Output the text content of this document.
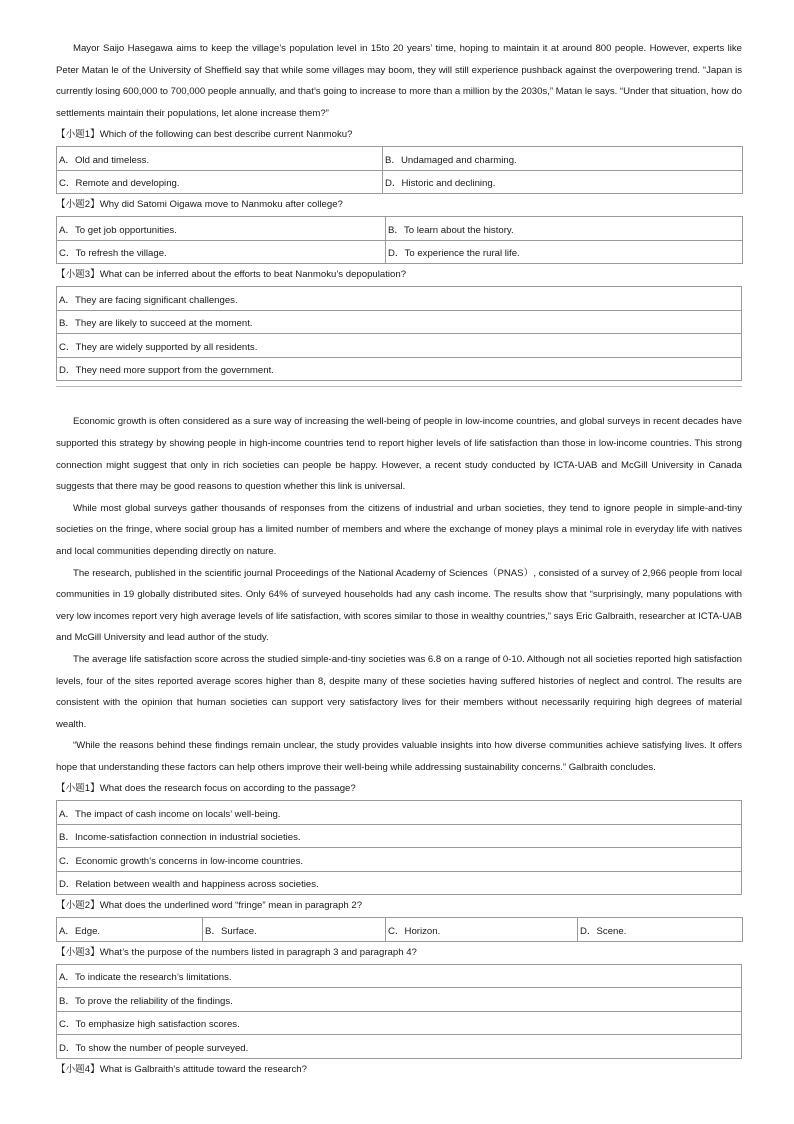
Mayor Saijo Hasegawa aims to keep the village’s population level in 15to 20 years’ time, hoping to maintain it at around 800 people. However, experts like Peter Matan le of the University of Sheffield say that while some villages may boom, they will still experience pushback against the overpowering trend. “Japan is currently losing 600,000 to 700,000 people annually, and that’s going to increase to more than a million by the 2030s,” Matan le says. “Under that situation, how do settlements maintain their populations, let alone increase them?”

【小题1】Which of the following can best describe current Nanmoku?
A．Old and timeless.	B．Undamaged and charming.
C．Remote and developing.	D．Historic and declining.
【小题2】Why did Satomi Oigawa move to Nanmoku after college?
A．To get job opportunities.	B．To learn about the history.
C．To refresh the village.	D．To experience the rural life.
【小题3】What can be inferred about the efforts to beat Nanmoku’s depopulation?
A．They are facing significant challenges.
B．They are likely to succeed at the moment.
C．They are widely supported by all residents.
D．They need more support from the government.

Economic growth is often considered as a sure way of increasing the well-being of people in low-income countries, and global surveys in recent decades have supported this strategy by showing people in high-income countries tend to report higher levels of life satisfaction than those in low-income countries. This strong connection might suggest that only in rich societies can people be happy. However, a recent study conducted by ICTA-UAB and McGill University in Canada suggests that there may be good reasons to question whether this link is universal.

While most global surveys gather thousands of responses from the citizens of industrial and urban societies, they tend to ignore people in simple-and-tiny societies on the fringe, where social group has a limited number of members and where the exchange of money plays a minimal role in everyday life with natives and local communities depending directly on nature.

The research, published in the scientific journal Proceedings of the National Academy of Sciences（PNAS）, consisted of a survey of 2,966 people from local communities in 19 globally distributed sites. Only 64% of surveyed households had any cash income. The results show that “surprisingly, many populations with very low incomes report very high average levels of life satisfaction, with scores similar to those in wealthy countries,” says Eric Galbraith, researcher at ICTA-UAB and McGill University and lead author of the study.

The average life satisfaction score across the studied simple-and-tiny societies was 6.8 on a range of 0-10. Although not all societies reported high satisfaction levels, four of the sites reported average scores higher than 8, despite many of these societies having suffered histories of neglect and control. The results are consistent with the opinion that human societies can support very satisfactory lives for their members without necessarily requiring high degrees of material wealth.

“While the reasons behind these findings remain unclear, the study provides valuable insights into how diverse communities achieve satisfying lives. It offers hope that understanding these factors can help others improve their well-being while addressing sustainability concerns.” Galbraith concludes.

【小题1】What does the research focus on according to the passage?
A．The impact of cash income on locals’ well-being.
B．Income-satisfaction connection in industrial societies.
C．Economic growth’s concerns in low-income countries.
D．Relation between wealth and happiness across societies.
【小题2】What does the underlined word “fringe” mean in paragraph 2?
A．Edge.	B．Surface.	C．Horizon.	D．Scene.
【小题3】What’s the purpose of the numbers listed in paragraph 3 and paragraph 4?
A．To indicate the research’s limitations.
B．To prove the reliability of the findings.
C．To emphasize high satisfaction scores.
D．To show the number of people surveyed.
【小题4】What is Galbraith’s attitude toward the research?
